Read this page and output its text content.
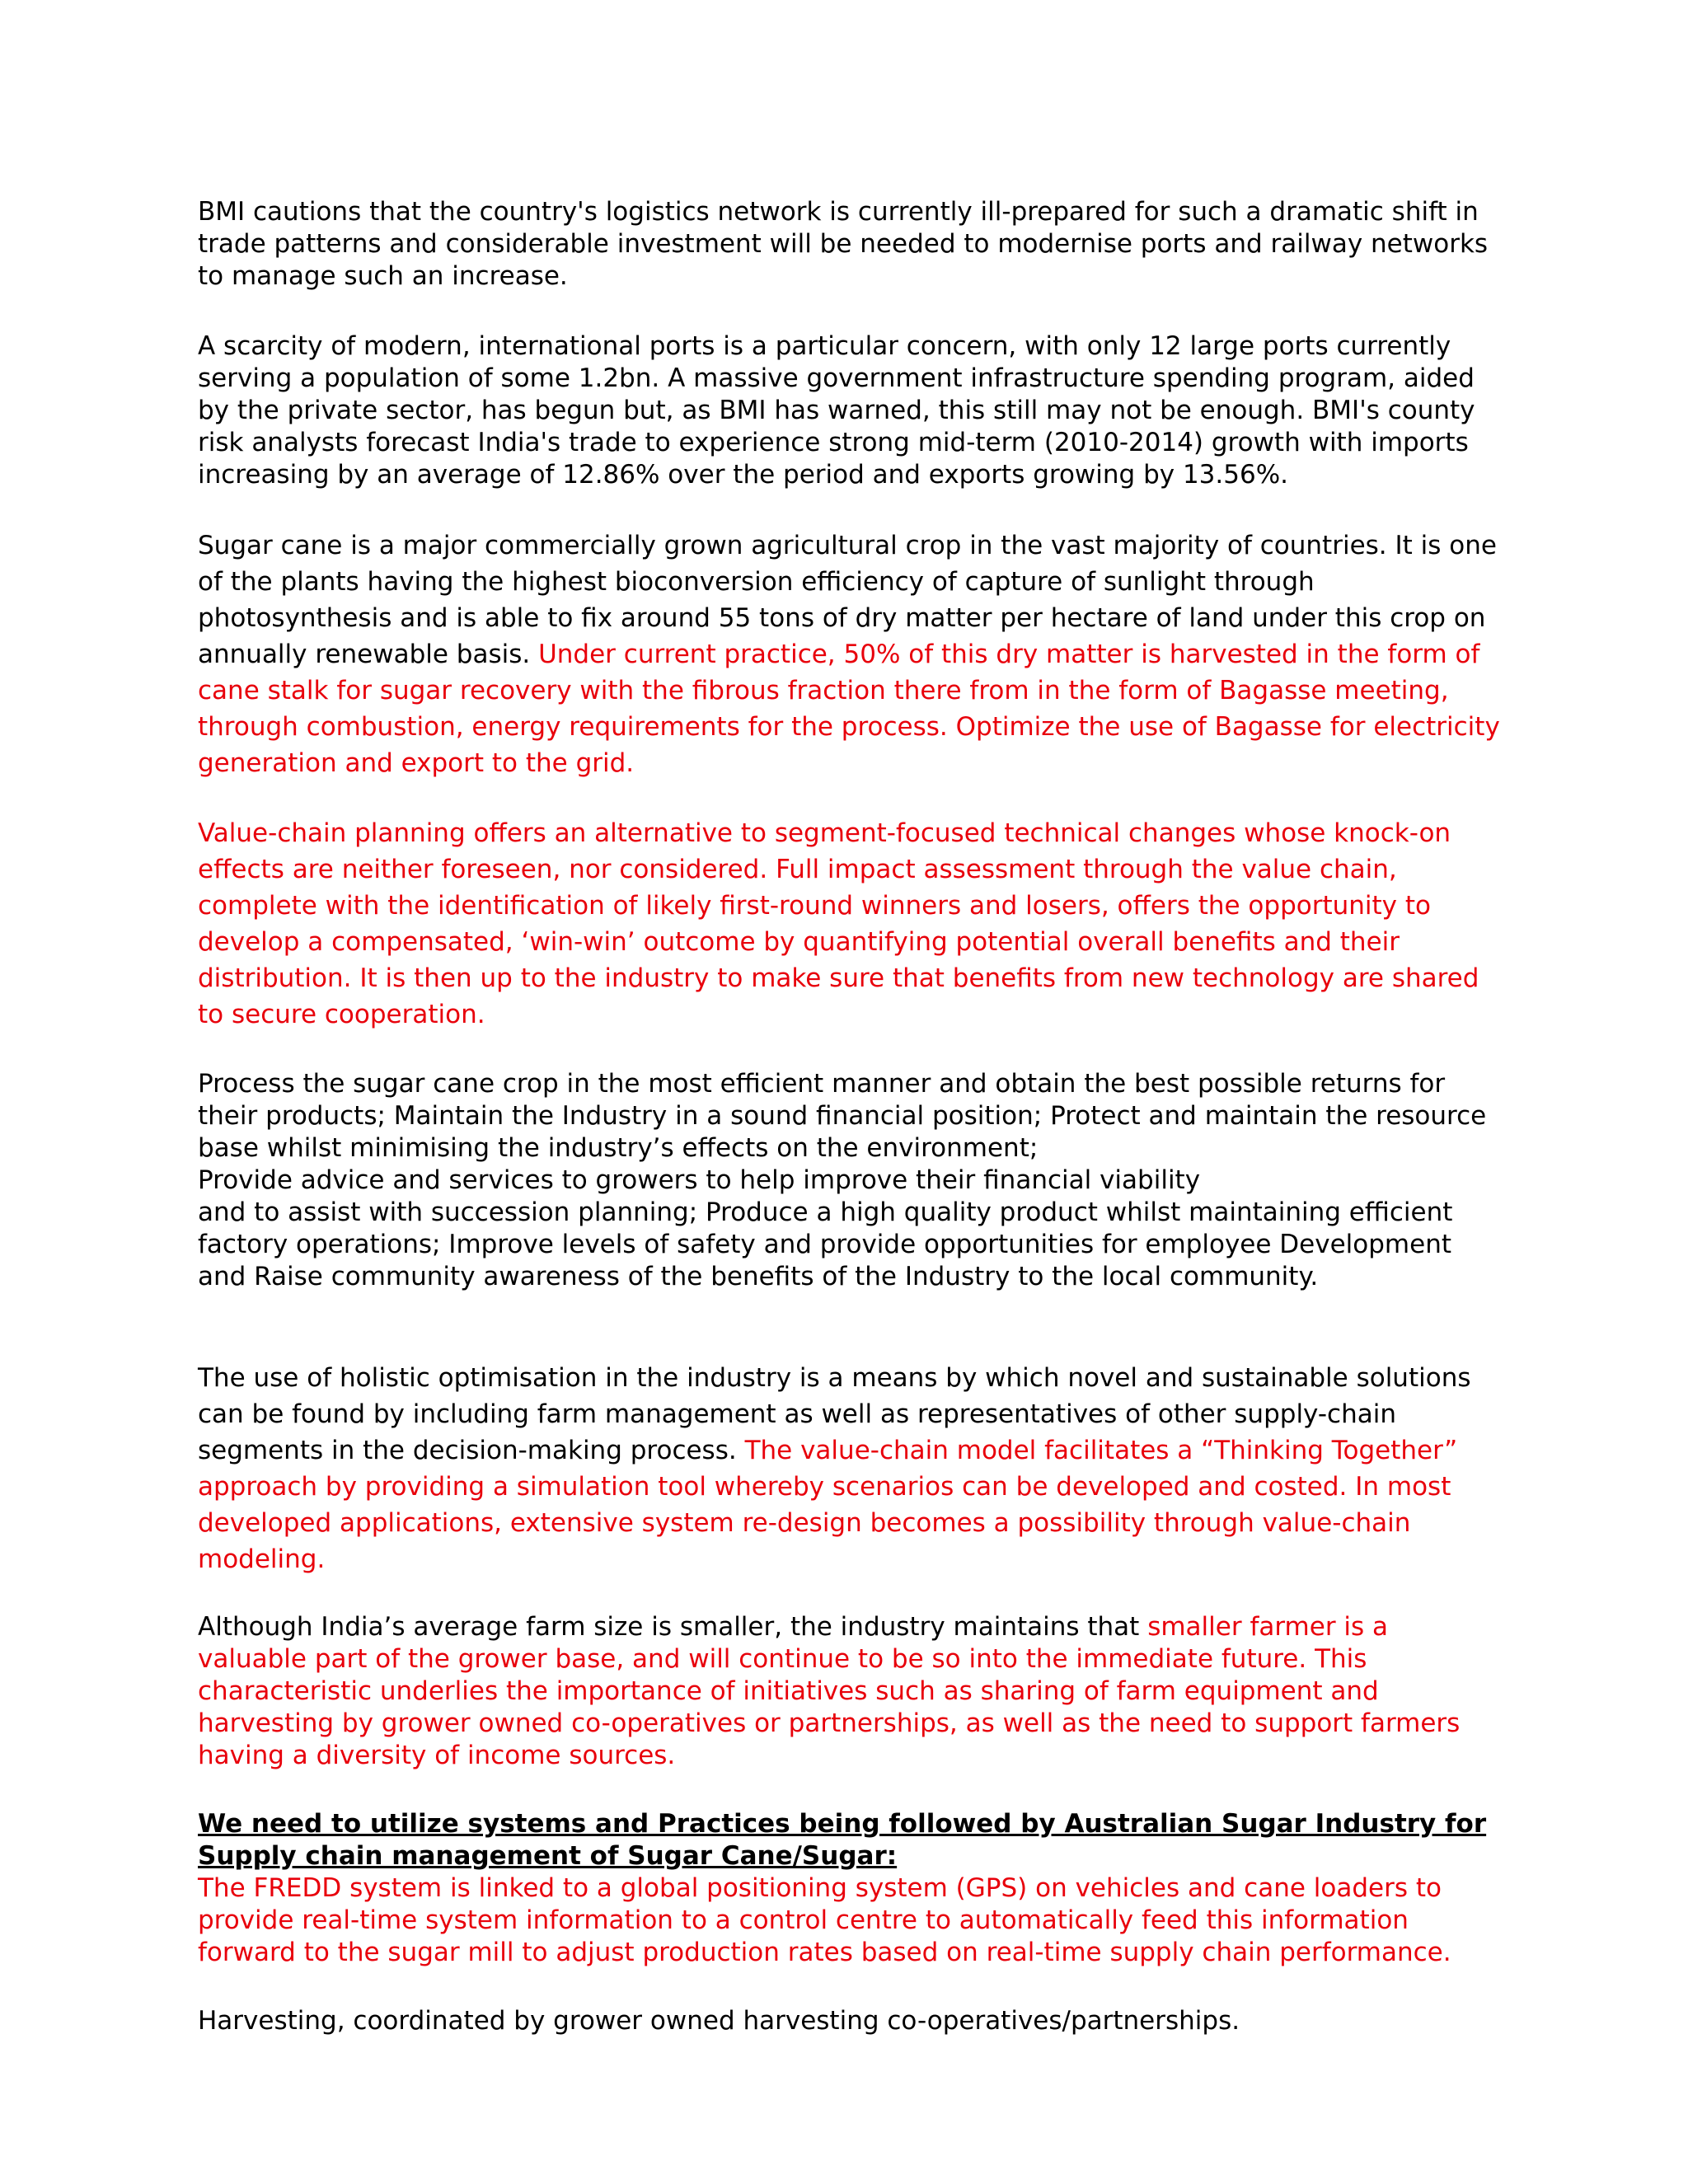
BMI cautions that the country's logistics network is currently ill-prepared for such a dramatic shift in trade patterns and considerable investment will be needed to modernise ports and railway networks to manage such an increase.

A scarcity of modern, international ports is a particular concern, with only 12 large ports currently serving a population of some 1.2bn. A massive government infrastructure spending program, aided by the private sector, has begun but, as BMI has warned, this still may not be enough. BMI's county risk analysts forecast India's trade to experience strong mid-term (2010-2014) growth with imports increasing by an average of 12.86% over the period and exports growing by 13.56%.

Sugar cane is a major commercially grown agricultural crop in the vast majority of countries. It is one of the plants having the highest bioconversion efficiency of capture of sunlight through photosynthesis and is able to fix around 55 tons of dry matter per hectare of land under this crop on annually renewable basis. Under current practice, 50% of this dry matter is harvested in the form of cane stalk for sugar recovery with the fibrous fraction there from in the form of Bagasse meeting, through combustion, energy requirements for the process. Optimize the use of Bagasse for electricity generation and export to the grid.

Value-chain planning offers an alternative to segment-focused technical changes whose knock-on effects are neither foreseen, nor considered. Full impact assessment through the value chain, complete with the identification of likely first-round winners and losers, offers the opportunity to develop a compensated, ‘win-win’ outcome by quantifying potential overall benefits and their distribution. It is then up to the industry to make sure that benefits from new technology are shared to secure cooperation.

Process the sugar cane crop in the most efficient manner and obtain the best possible returns for their products; Maintain the Industry in a sound financial position; Protect and maintain the resource base whilst minimising the industry’s effects on the environment;
Provide advice and services to growers to help improve their financial viability
and to assist with succession planning; Produce a high quality product whilst maintaining efficient factory operations; Improve levels of safety and provide opportunities for employee Development and Raise community awareness of the benefits of the Industry to the local community.

The use of holistic optimisation in the industry is a means by which novel and sustainable solutions can be found by including farm management as well as representatives of other supply-chain segments in the decision-making process. The value-chain model facilitates a “Thinking Together” approach by providing a simulation tool whereby scenarios can be developed and costed. In most developed applications, extensive system re-design becomes a possibility through value-chain modeling.

Although India’s average farm size is smaller, the industry maintains that smaller farmer is a valuable part of the grower base, and will continue to be so into the immediate future. This characteristic underlies the importance of initiatives such as sharing of farm equipment and harvesting by grower owned co-operatives or partnerships, as well as the need to support farmers having a diversity of income sources.

We need to utilize systems and Practices being followed by Australian Sugar Industry for Supply chain management of Sugar Cane/Sugar:
The FREDD system is linked to a global positioning system (GPS) on vehicles and cane loaders to provide real-time system information to a control centre to automatically feed this information forward to the sugar mill to adjust production rates based on real-time supply chain performance.

Harvesting, coordinated by grower owned harvesting co-operatives/partnerships.
